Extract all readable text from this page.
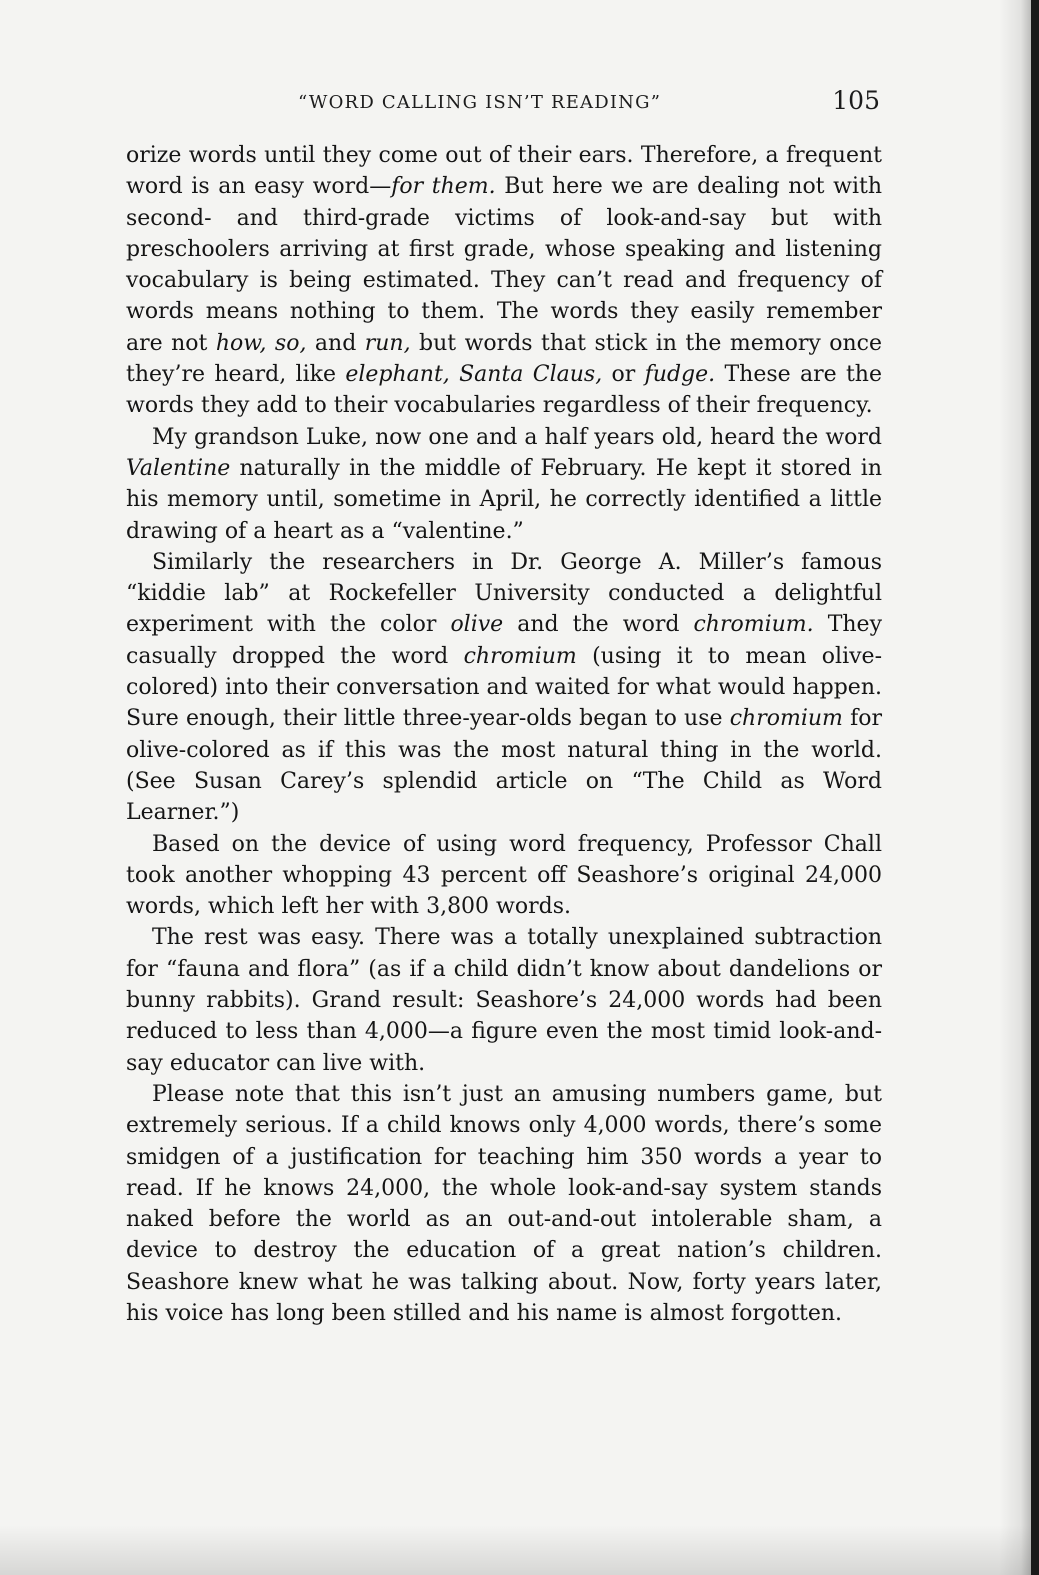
“WORD CALLING ISN’T READING”	105

orize words until they come out of their ears. Therefore, a frequent word is an easy word—for them. But here we are dealing not with second- and third-grade victims of look-and-say but with preschoolers arriving at first grade, whose speaking and listening vocabulary is being estimated. They can’t read and frequency of words means nothing to them. The words they easily remember are not how, so, and run, but words that stick in the memory once they’re heard, like elephant, Santa Claus, or fudge. These are the words they add to their vocabularies regardless of their frequency.

My grandson Luke, now one and a half years old, heard the word Valentine naturally in the middle of February. He kept it stored in his memory until, sometime in April, he correctly identified a little drawing of a heart as a “valentine.”

Similarly the researchers in Dr. George A. Miller’s famous “kiddie lab” at Rockefeller University conducted a delightful experiment with the color olive and the word chromium. They casually dropped the word chromium (using it to mean olive-colored) into their conversation and waited for what would happen. Sure enough, their little three-year-olds began to use chromium for olive-colored as if this was the most natural thing in the world. (See Susan Carey’s splendid article on “The Child as Word Learner.”)

Based on the device of using word frequency, Professor Chall took another whopping 43 percent off Seashore’s original 24,000 words, which left her with 3,800 words.

The rest was easy. There was a totally unexplained subtraction for “fauna and flora” (as if a child didn’t know about dandelions or bunny rabbits). Grand result: Seashore’s 24,000 words had been reduced to less than 4,000—a figure even the most timid look-and-say educator can live with.

Please note that this isn’t just an amusing numbers game, but extremely serious. If a child knows only 4,000 words, there’s some smidgen of a justification for teaching him 350 words a year to read. If he knows 24,000, the whole look-and-say system stands naked before the world as an out-and-out intolerable sham, a device to destroy the education of a great nation’s children. Seashore knew what he was talking about. Now, forty years later, his voice has long been stilled and his name is almost forgotten.
